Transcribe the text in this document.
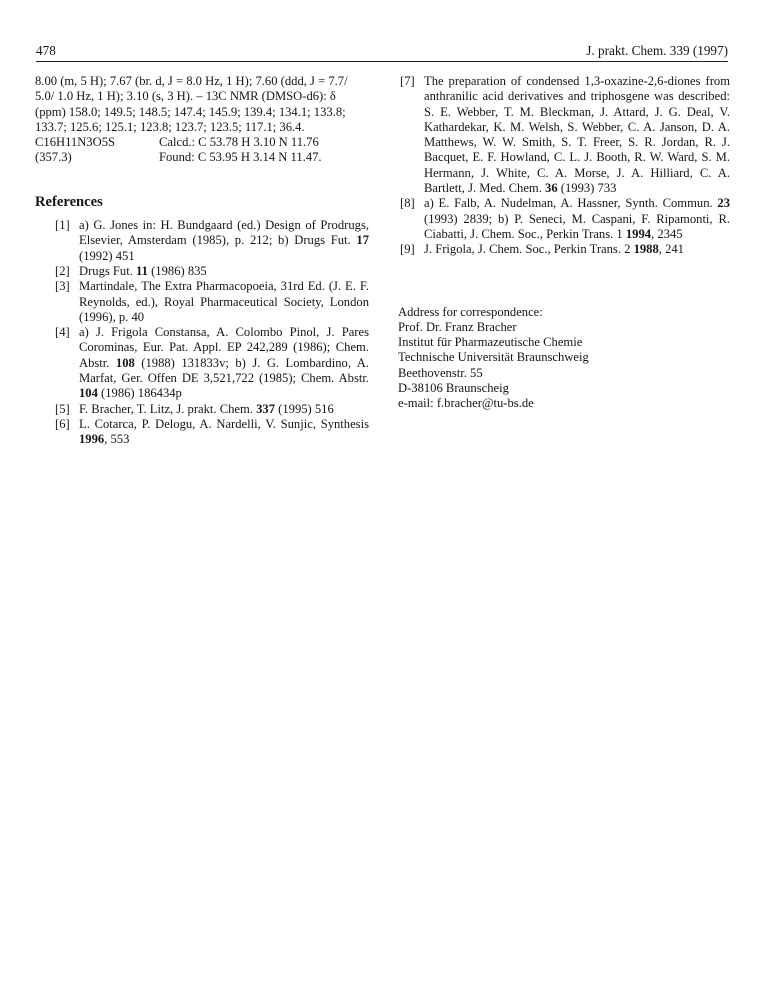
478	J. prakt. Chem. 339 (1997)
8.00 (m, 5 H); 7.67 (br. d, J = 8.0 Hz, 1 H); 7.60 (ddd, J = 7.7/
5.0/ 1.0 Hz, 1 H); 3.10 (s, 3 H). – 13C NMR (DMSO-d6): δ
(ppm) 158.0; 149.5; 148.5; 147.4; 145.9; 139.4; 134.1; 133.8;
133.7; 125.6; 125.1; 123.8; 123.7; 123.5; 117.1; 36.4.
C16H11N3O5S
(357.3)
Calcd.: C 53.78 H 3.10 N 11.76
Found: C 53.95 H 3.14 N 11.47.
References
[1] a) G. Jones in: H. Bundgaard (ed.) Design of Prodrugs, Elsevier, Amsterdam (1985), p. 212; b) Drugs Fut. 17 (1992) 451
[2] Drugs Fut. 11 (1986) 835
[3] Martindale, The Extra Pharmacopoeia, 31rd Ed. (J. E. F. Reynolds, ed.), Royal Pharmaceutical Society, London (1996), p. 40
[4] a) J. Frigola Constansa, A. Colombo Pinol, J. Pares Corominas, Eur. Pat. Appl. EP 242,289 (1986); Chem. Abstr. 108 (1988) 131833v; b) J. G. Lombardino, A. Marfat, Ger. Offen DE 3,521,722 (1985); Chem. Abstr. 104 (1986) 186434p
[5] F. Bracher, T. Litz, J. prakt. Chem. 337 (1995) 516
[6] L. Cotarca, P. Delogu, A. Nardelli, V. Sunjic, Synthesis 1996, 553
[7] The preparation of condensed 1,3-oxazine-2,6-diones from anthranilic acid derivatives and triphosgene was described: S. E. Webber, T. M. Bleckman, J. Attard, J. G. Deal, V. Kathardekar, K. M. Welsh, S. Webber, C. A. Janson, D. A. Matthews, W. W. Smith, S. T. Freer, S. R. Jordan, R. J. Bacquet, E. F. Howland, C. L. J. Booth, R. W. Ward, S. M. Hermann, J. White, C. A. Morse, J. A. Hilliard, C. A. Bartlett, J. Med. Chem. 36 (1993) 733
[8] a) E. Falb, A. Nudelman, A. Hassner, Synth. Commun. 23 (1993) 2839; b) P. Seneci, M. Caspani, F. Ripamonti, R. Ciabatti, J. Chem. Soc., Perkin Trans. 1 1994, 2345
[9] J. Frigola, J. Chem. Soc., Perkin Trans. 2 1988, 241
Address for correspondence:
Prof. Dr. Franz Bracher
Institut für Pharmazeutische Chemie
Technische Universität Braunschweig
Beethovenstr. 55
D-38106 Braunscheig
e-mail: f.bracher@tu-bs.de
